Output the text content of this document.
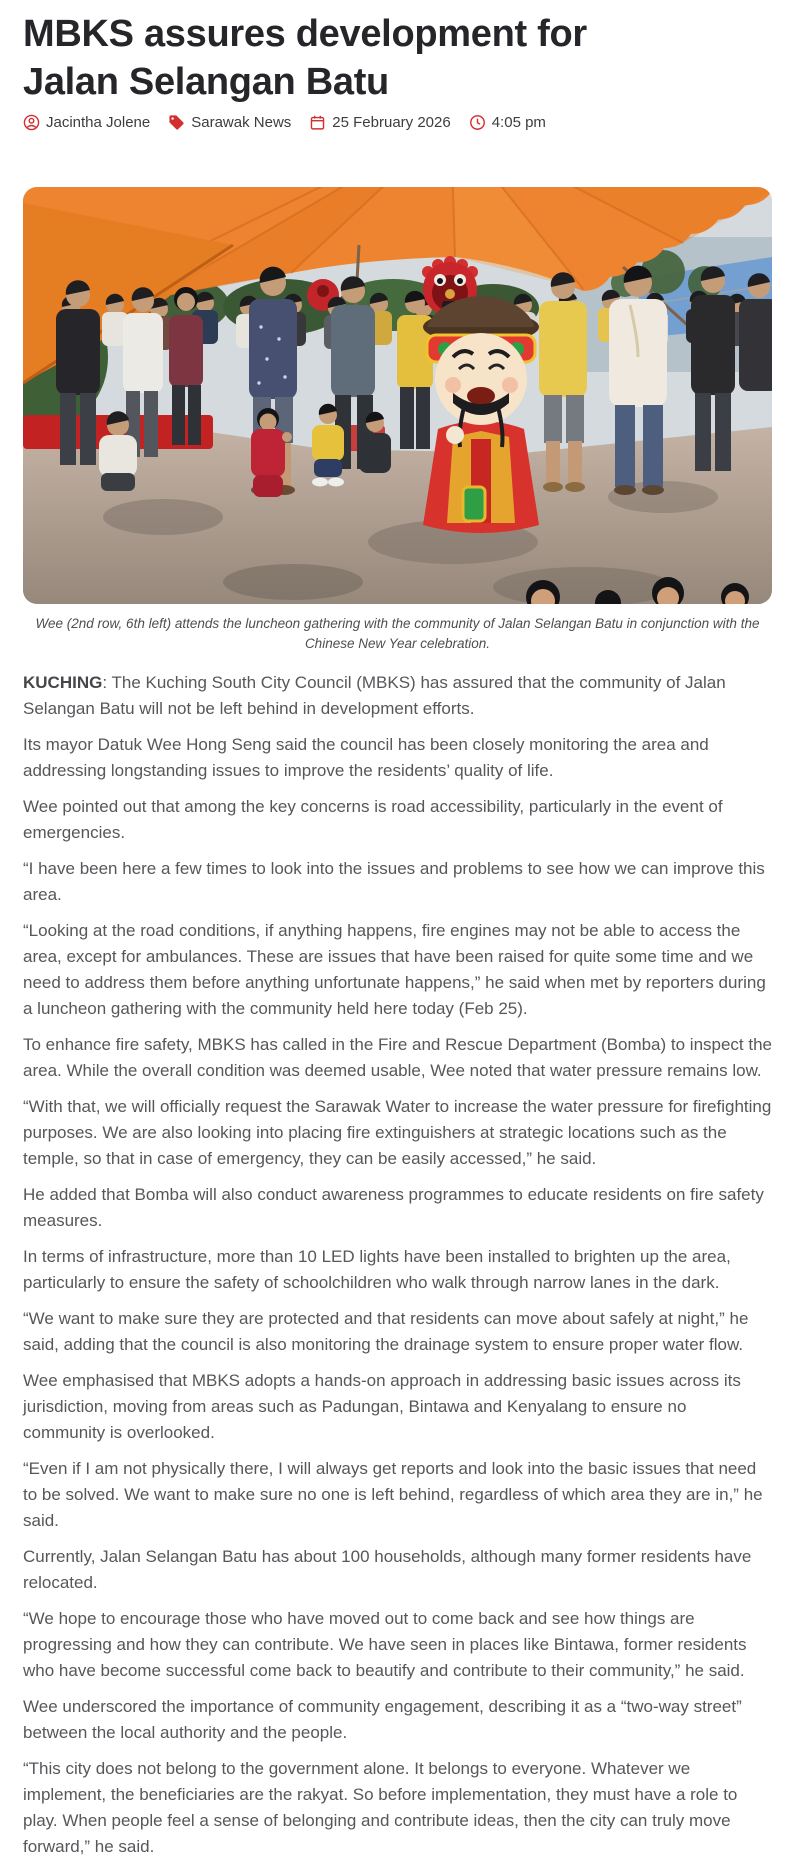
MBKS assures development for Jalan Selangan Batu
Jacintha Jolene	Sarawak News	25 February 2026	4:05 pm
Wee (2nd row, 6th left) attends the luncheon gathering with the community of Jalan Selangan Batu in conjunction with the Chinese New Year celebration.

KUCHING: The Kuching South City Council (MBKS) has assured that the community of Jalan Selangan Batu will not be left behind in development efforts.

Its mayor Datuk Wee Hong Seng said the council has been closely monitoring the area and addressing longstanding issues to improve the residents’ quality of life.

Wee pointed out that among the key concerns is road accessibility, particularly in the event of emergencies.

“I have been here a few times to look into the issues and problems to see how we can improve this area.

“Looking at the road conditions, if anything happens, fire engines may not be able to access the area, except for ambulances. These are issues that have been raised for quite some time and we need to address them before anything unfortunate happens,” he said when met by reporters during a luncheon gathering with the community held here today (Feb 25).

To enhance fire safety, MBKS has called in the Fire and Rescue Department (Bomba) to inspect the area. While the overall condition was deemed usable, Wee noted that water pressure remains low.

“With that, we will officially request the Sarawak Water to increase the water pressure for firefighting purposes. We are also looking into placing fire extinguishers at strategic locations such as the temple, so that in case of emergency, they can be easily accessed,” he said.

He added that Bomba will also conduct awareness programmes to educate residents on fire safety measures.

In terms of infrastructure, more than 10 LED lights have been installed to brighten up the area, particularly to ensure the safety of schoolchildren who walk through narrow lanes in the dark.

“We want to make sure they are protected and that residents can move about safely at night,” he said, adding that the council is also monitoring the drainage system to ensure proper water flow.

Wee emphasised that MBKS adopts a hands-on approach in addressing basic issues across its jurisdiction, moving from areas such as Padungan, Bintawa and Kenyalang to ensure no community is overlooked.

“Even if I am not physically there, I will always get reports and look into the basic issues that need to be solved. We want to make sure no one is left behind, regardless of which area they are in,” he said.

Currently, Jalan Selangan Batu has about 100 households, although many former residents have relocated.

“We hope to encourage those who have moved out to come back and see how things are progressing and how they can contribute. We have seen in places like Bintawa, former residents who have become successful come back to beautify and contribute to their community,” he said.

Wee underscored the importance of community engagement, describing it as a “two-way street” between the local authority and the people.

“This city does not belong to the government alone. It belongs to everyone. Whatever we implement, the beneficiaries are the rakyat. So before implementation, they must have a role to play. When people feel a sense of belonging and contribute ideas, then the city can truly move forward,” he said.
